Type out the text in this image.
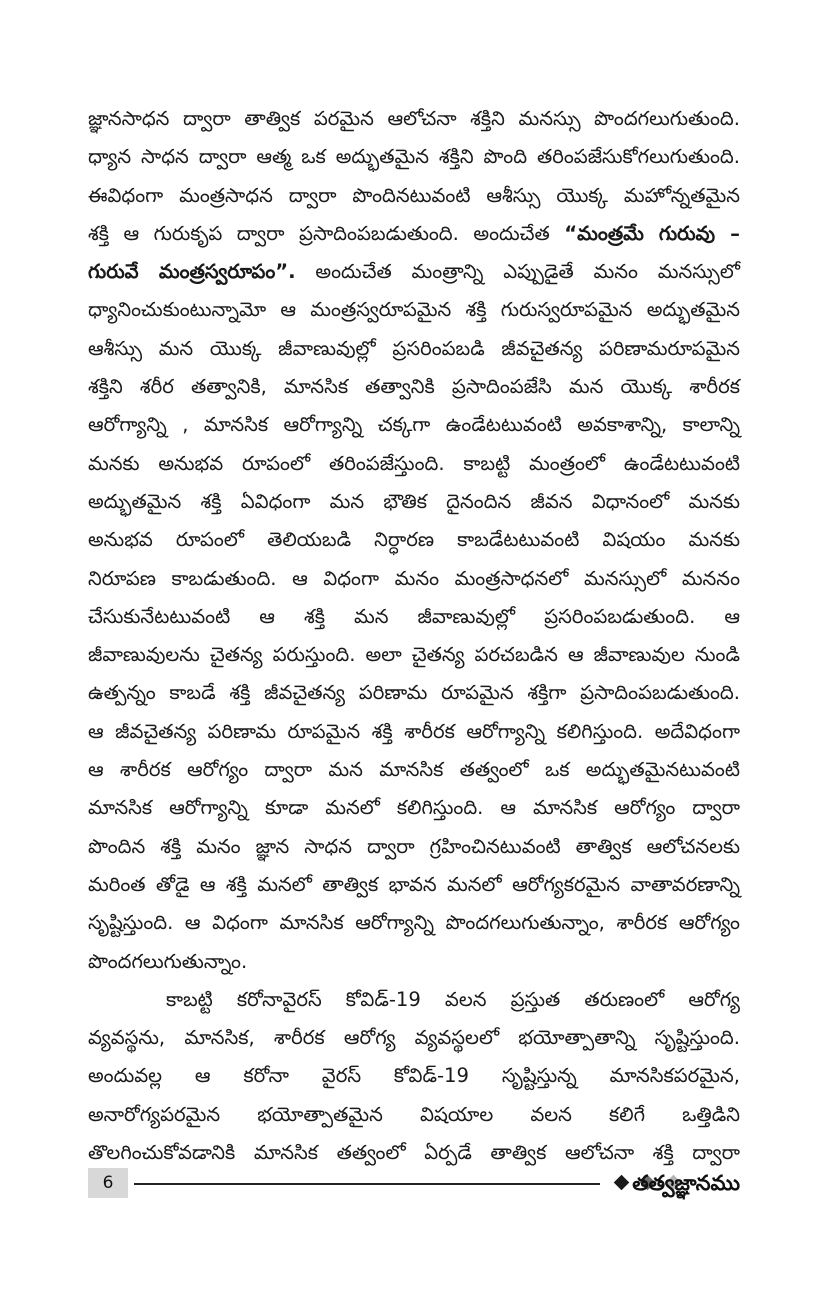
జ్ఞానసాధన ద్వారా తాత్విక పరమైన ఆలోచనా శక్తిని మనస్సు పొందగలుగుతుంది.
ధ్యాన సాధన ద్వారా ఆత్మ ఒక అద్భుతమైన శక్తిని పొంది తరింపజేసుకోగలుగుతుంది.
ఈవిధంగా మంత్రసాధన ద్వారా పొందినటువంటి ఆశీస్సు యొక్క మహోన్నతమైన
శక్తి ఆ గురుకృప ద్వారా ప్రసాదింపబడుతుంది. అందుచేత “మంత్రమే గురువు –
గురువే మంత్రస్వరూపం”. అందుచేత మంత్రాన్ని ఎప్పుడైతే మనం మనస్సులో
ధ్యానించుకుంటున్నామో ఆ మంత్రస్వరూపమైన శక్తి గురుస్వరూపమైన అద్భుతమైన
ఆశీస్సు మన యొక్క జీవాణువుల్లో ప్రసరింపబడి జీవచైతన్య పరిణామరూపమైన
శక్తిని శరీర తత్వానికి, మానసిక తత్వానికి ప్రసాదింపజేసి మన యొక్క శారీరక
ఆరోగ్యాన్ని , మానసిక ఆరోగ్యాన్ని చక్కగా ఉండేటటువంటి అవకాశాన్ని, కాలాన్ని
మనకు అనుభవ రూపంలో తరింపజేస్తుంది. కాబట్టి మంత్రంలో ఉండేటటువంటి
అద్భుతమైన శక్తి ఏవిధంగా మన భౌతిక దైనందిన జీవన విధానంలో మనకు
అనుభవ రూపంలో తెలియబడి నిర్ధారణ కాబడేటటువంటి విషయం మనకు
నిరూపణ కాబడుతుంది. ఆ విధంగా మనం మంత్రసాధనలో మనస్సులో మననం
చేసుకునేటటువంటి ఆ శక్తి మన జీవాణువుల్లో ప్రసరింపబడుతుంది. ఆ
జీవాణువులను చైతన్య పరుస్తుంది. అలా చైతన్య పరచబడిన ఆ జీవాణువుల నుండి
ఉత్పన్నం కాబడే శక్తి జీవచైతన్య పరిణామ రూపమైన శక్తిగా ప్రసాదింపబడుతుంది.
ఆ జీవచైతన్య పరిణామ రూపమైన శక్తి శారీరక ఆరోగ్యాన్ని కలిగిస్తుంది. అదేవిధంగా
ఆ శారీరక ఆరోగ్యం ద్వారా మన మానసిక తత్వంలో ఒక అద్భుతమైనటువంటి
మానసిక ఆరోగ్యాన్ని కూడా మనలో కలిగిస్తుంది. ఆ మానసిక ఆరోగ్యం ద్వారా
పొందిన శక్తి మనం జ్ఞాన సాధన ద్వారా గ్రహించినటువంటి తాత్విక ఆలోచనలకు
మరింత తోడై ఆ శక్తి మనలో తాత్విక భావన మనలో ఆరోగ్యకరమైన వాతావరణాన్ని
సృష్టిస్తుంది. ఆ విధంగా మానసిక ఆరోగ్యాన్ని పొందగలుగుతున్నాం, శారీరక ఆరోగ్యం
పొందగలుగుతున్నాం.

కాబట్టి కరోనావైరస్ కోవిడ్-19 వలన ప్రస్తుత తరుణంలో ఆరోగ్య
వ్యవస్థను, మానసిక, శారీరక ఆరోగ్య వ్యవస్థలలో భయోత్పాతాన్ని సృష్టిస్తుంది.
అందువల్ల ఆ కరోనా వైరస్ కోవిడ్-19 సృష్టిస్తున్న మానసికపరమైన,
అనారోగ్యపరమైన భయోత్పాతమైన విషయాల వలన కలిగే ఒత్తిడిని
తొలగించుకోవడానికి మానసిక తత్వంలో ఏర్పడే తాత్విక ఆలోచనా శక్తి ద్వారా

6	తత్వజ్ఞానము
